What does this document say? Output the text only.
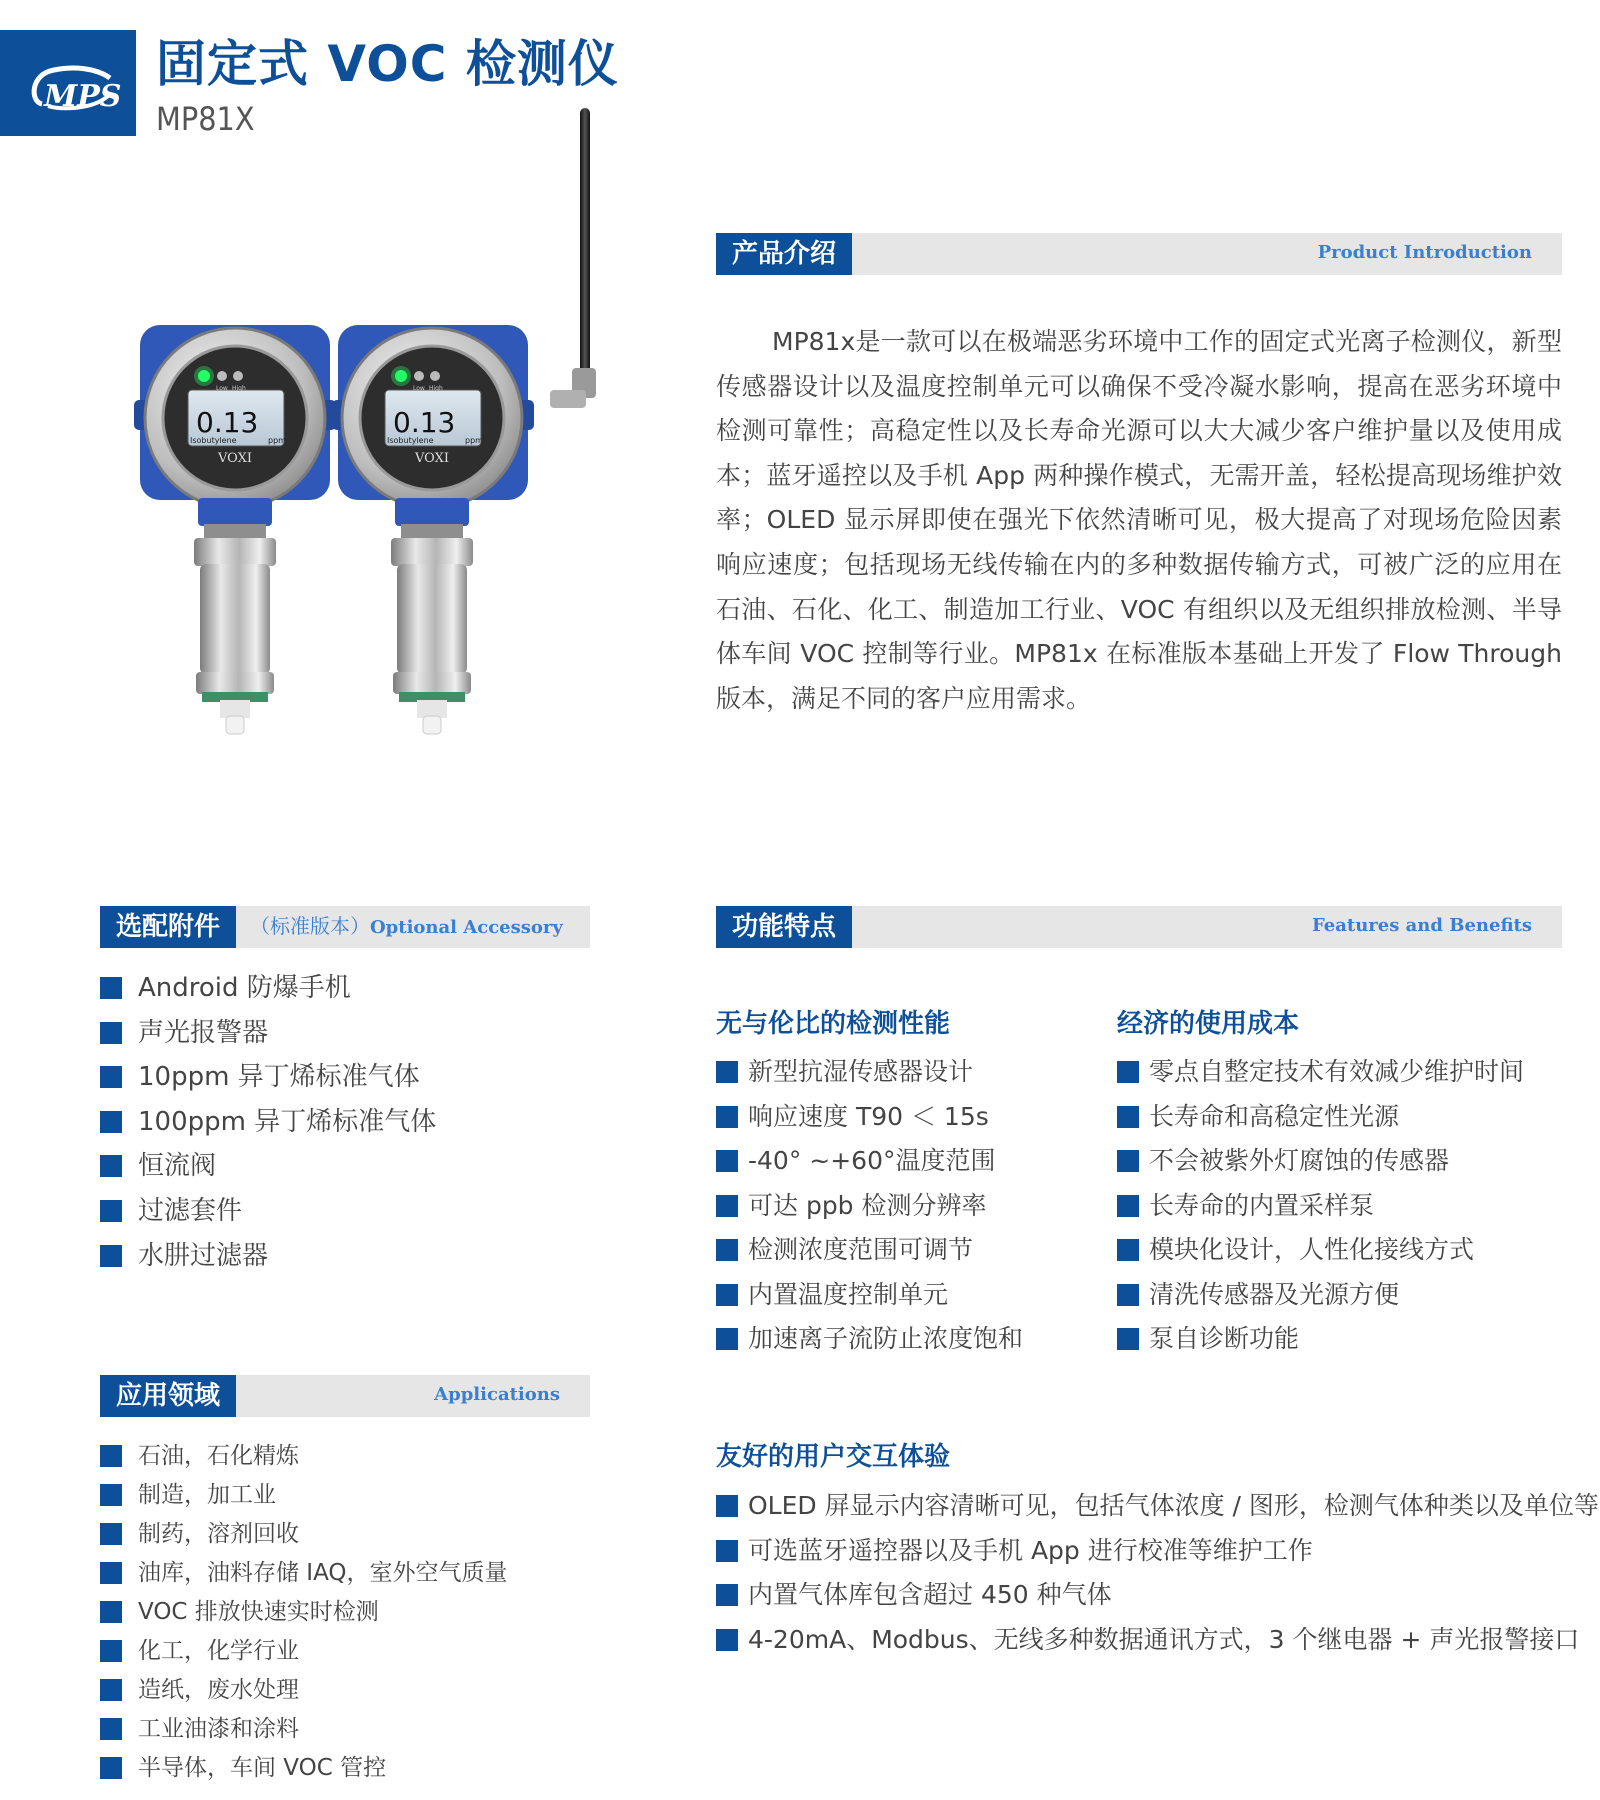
MPS
固定式 VOC 检测仪
MP81X
0.13
Isobutylene	ppm
VOXI
Low High
0.13
Isobutylene	ppm
VOXI
Low High
产品介绍	Product Introduction
MP81x是一款可以在极端恶劣环境中工作的固定式光离子检测仪，新型传感器设计以及温度控制单元可以确保不受冷凝水影响，提高在恶劣环境中检测可靠性；高稳定性以及长寿命光源可以大大减少客户维护量以及使用成本；蓝牙遥控以及手机 App 两种操作模式，无需开盖，轻松提高现场维护效率；OLED 显示屏即使在强光下依然清晰可见，极大提高了对现场危险因素响应速度；包括现场无线传输在内的多种数据传输方式，可被广泛的应用在石油、石化、化工、制造加工行业、VOC 有组织以及无组织排放检测、半导体车间 VOC 控制等行业。MP81x 在标准版本基础上开发了 Flow Through 版本，满足不同的客户应用需求。
选配附件	（标准版本）Optional Accessory
Android 防爆手机
声光报警器
10ppm 异丁烯标准气体
100ppm 异丁烯标准气体
恒流阀
过滤套件
水肼过滤器
应用领域	Applications
石油，石化精炼
制造，加工业
制药，溶剂回收
油库，油料存储 IAQ，室外空气质量
VOC 排放快速实时检测
化工，化学行业
造纸，废水处理
工业油漆和涂料
半导体，车间 VOC 管控
功能特点	Features and Benefits
无与伦比的检测性能
新型抗湿传感器设计
响应速度 T90 ＜ 15s
-40° ~+60°温度范围
可达 ppb 检测分辨率
检测浓度范围可调节
内置温度控制单元
加速离子流防止浓度饱和
经济的使用成本
零点自整定技术有效减少维护时间
长寿命和高稳定性光源
不会被紫外灯腐蚀的传感器
长寿命的内置采样泵
模块化设计，人性化接线方式
清洗传感器及光源方便
泵自诊断功能
友好的用户交互体验
OLED 屏显示内容清晰可见，包括气体浓度 / 图形，检测气体种类以及单位等
可选蓝牙遥控器以及手机 App 进行校准等维护工作
内置气体库包含超过 450 种气体
4-20mA、Modbus、无线多种数据通讯方式，3 个继电器 + 声光报警接口
